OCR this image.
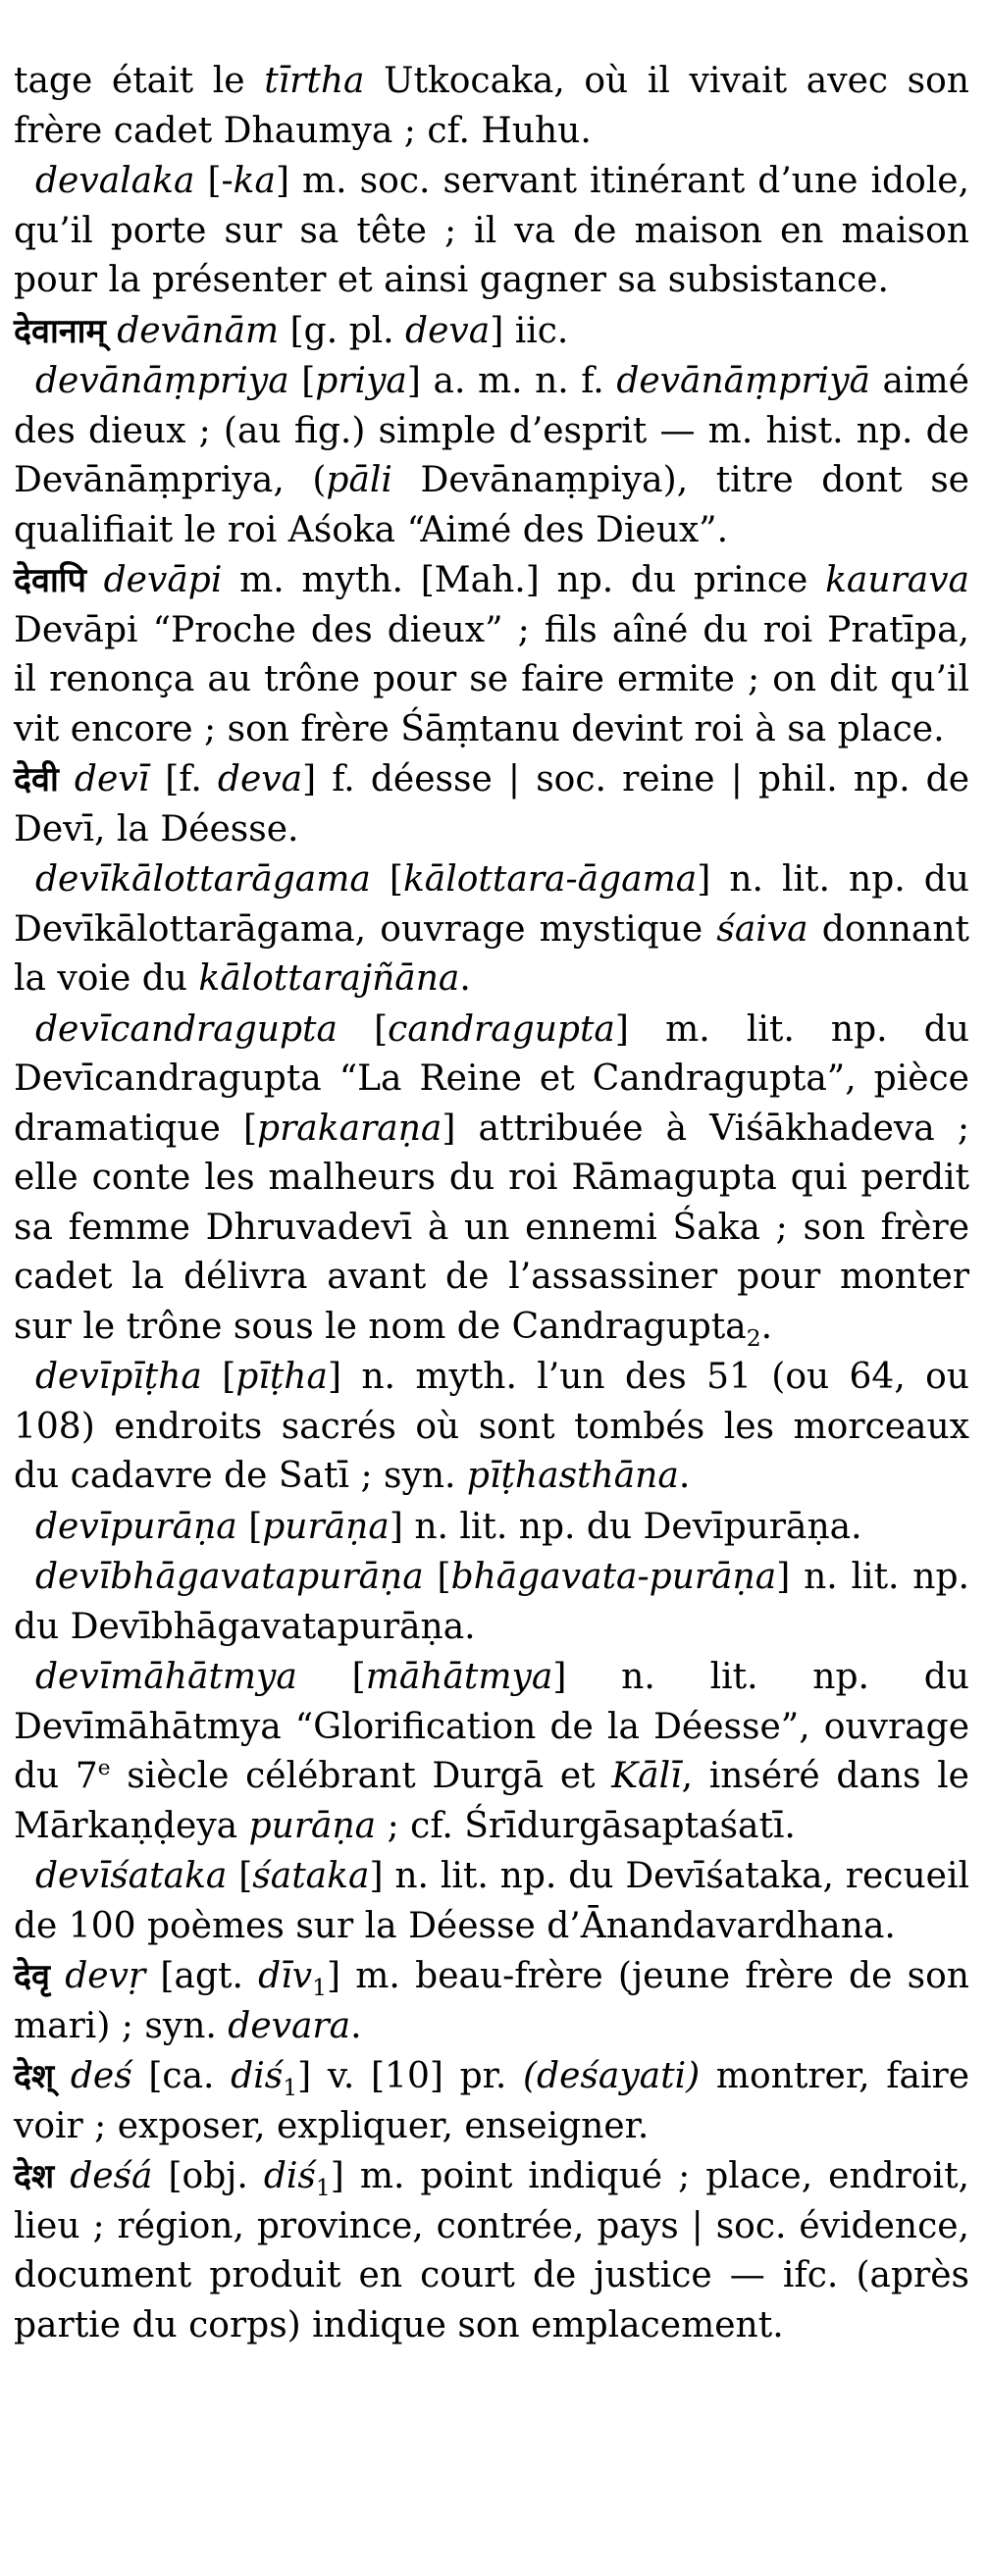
tage était le tīrtha Utkocaka, où il vivait avec son frère cadet Dhaumya ; cf. Huhu.

devalaka [-ka] m. soc. servant itinérant d’une idole, qu’il porte sur sa tête ; il va de maison en maison pour la présenter et ainsi gagner sa subsistance.

देवानाम् devānām [g. pl. deva] iic.

devānāṃpriya [priya] a. m. n. f. devānāṃpriyā aimé des dieux ; (au fig.) simple d’esprit — m. hist. np. de Devānāṃpriya, (pāli Devānaṃpiya), titre dont se qualifiait le roi Aśoka “Aimé des Dieux”.

देवापि devāpi m. myth. [Mah.] np. du prince kaurava Devāpi “Proche des dieux” ; fils aîné du roi Pratīpa, il renonça au trône pour se faire ermite ; on dit qu’il vit encore ; son frère Śāṃtanu devint roi à sa place.

देवी devī [f. deva] f. déesse | soc. reine | phil. np. de Devī, la Déesse.

devīkālottarāgama [kālottara-āgama] n. lit. np. du Devīkālottarāgama, ouvrage mystique śaiva donnant la voie du kālottarajñāna.

devīcandragupta [candragupta] m. lit. np. du Devīcandragupta “La Reine et Candragupta”, pièce dramatique [prakaraṇa] attribuée à Viśākhadeva ; elle conte les malheurs du roi Rāmagupta qui perdit sa femme Dhruvadevī à un ennemi Śaka ; son frère cadet la délivra avant de l’assassiner pour monter sur le trône sous le nom de Candragupta$_2$.

devīpīṭha [pīṭha] n. myth. l’un des 51 (ou 64, ou 108) endroits sacrés où sont tombés les morceaux du cadavre de Satī ; syn. pīṭhasthāna.

devīpurāṇa [purāṇa] n. lit. np. du Devīpurāṇa.

devībhāgavatapurāṇa [bhāgavata-purāṇa] n. lit. np. du Devībhāgavatapurāṇa.

devīmāhātmya [māhātmya] n. lit. np. du Devīmāhātmya “Glorification de la Déesse”, ouvrage du 7e siècle célébrant Durgā et Kālī, inséré dans le Mārkaṇḍeya purāṇa ; cf. Śrīdurgāsaptaśatī.

devīśataka [śataka] n. lit. np. du Devīśataka, recueil de 100 poèmes sur la Déesse d’Ānandavardhana.

देवृ devṛ [agt. dīv$_1$] m. beau-frère (jeune frère de son mari) ; syn. devara.

देश् deś [ca. diś$_1$] v. [10] pr. (deśayati) montrer, faire voir ; exposer, expliquer, enseigner.

देश deśá [obj. diś$_1$] m. point indiqué ; place, endroit, lieu ; région, province, contrée, pays | soc. évidence, document produit en court de justice — ifc. (après partie du corps) indique son emplacement.
